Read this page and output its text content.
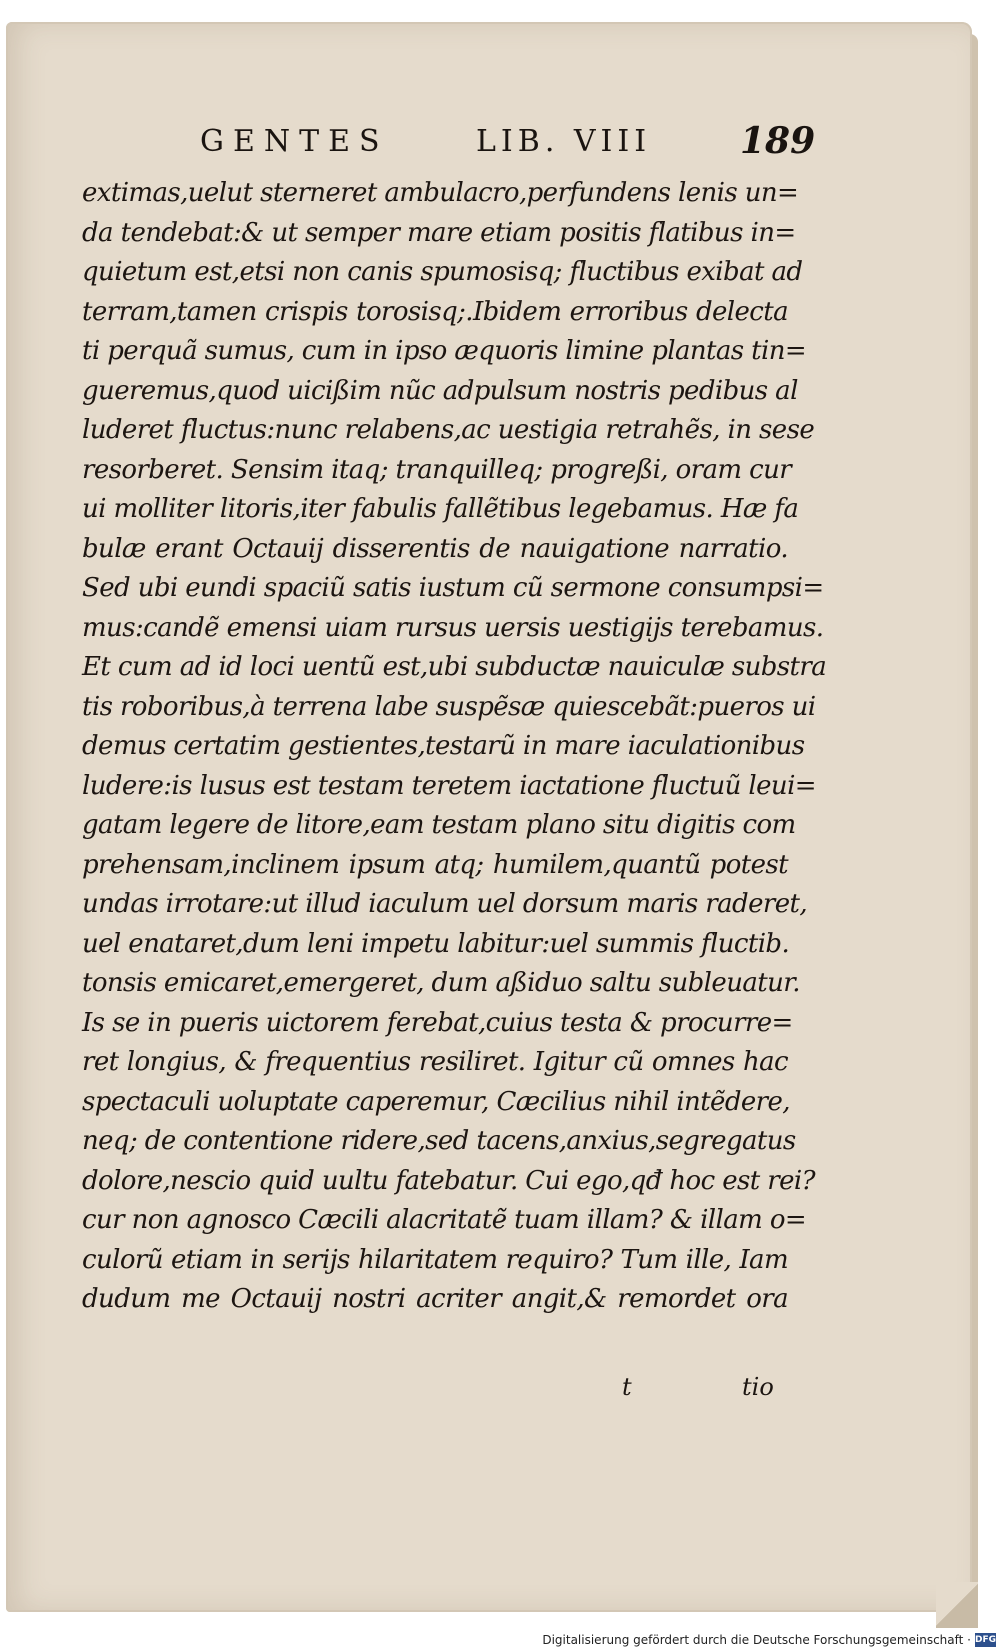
GENTES	LIB. VIII 189
extimas,uelut sterneret ambulacro,perfundens lenis un=
da tendebat:& ut semper mare etiam positis flatibus in=
quietum est,etsi non canis spumosisq; fluctibus exibat ad
terram,tamen crispis torosisq;.Ibidem erroribus delecta
ti perquã sumus, cum in ipso æquoris limine plantas tin=
gueremus,quod uicißim nũc adpulsum nostris pedibus al
luderet fluctus:nunc relabens,ac uestigia retrahẽs, in sese
resorberet. Sensim itaq; tranquilleq; progreßi, oram cur
ui molliter litoris,iter fabulis fallẽtibus legebamus. Hæ fa
bulæ erant Octauij disserentis de nauigatione narratio.
Sed ubi eundi spaciũ satis iustum cũ sermone consumpsi=
mus:candẽ emensi uiam rursus uersis uestigijs terebamus.
Et cum ad id loci uentũ est,ubi subductæ nauiculæ substra
tis roboribus,à terrena labe suspẽsæ quiescebãt:pueros ui
demus certatim gestientes,testarũ in mare iaculationibus
ludere:is lusus est testam teretem iactatione fluctuũ leui=
gatam legere de litore,eam testam plano situ digitis com
prehensam,inclinem ipsum atq; humilem,quantũ potest
undas irrotare:ut illud iaculum uel dorsum maris raderet,
uel enataret,dum leni impetu labitur:uel summis fluctib.
tonsis emicaret,emergeret, dum aßiduo saltu subleuatur.
Is se in pueris uictorem ferebat,cuius testa & procurre=
ret longius, & frequentius resiliret. Igitur cũ omnes hac
spectaculi uoluptate caperemur, Cæcilius nihil intẽdere,
neq; de contentione ridere,sed tacens,anxius,segregatus
dolore,nescio quid uultu fatebatur. Cui ego,qđ hoc est rei?
cur non agnosco Cæcili alacritatẽ tuam illam? & illam o=
culorũ etiam in serijs hilaritatem requiro? Tum ille, Iam
dudum me Octauij nostri acriter angit,& remordet ora
t	tio
Digitalisierung gefördert durch die Deutsche Forschungsgemeinschaft · DFG
